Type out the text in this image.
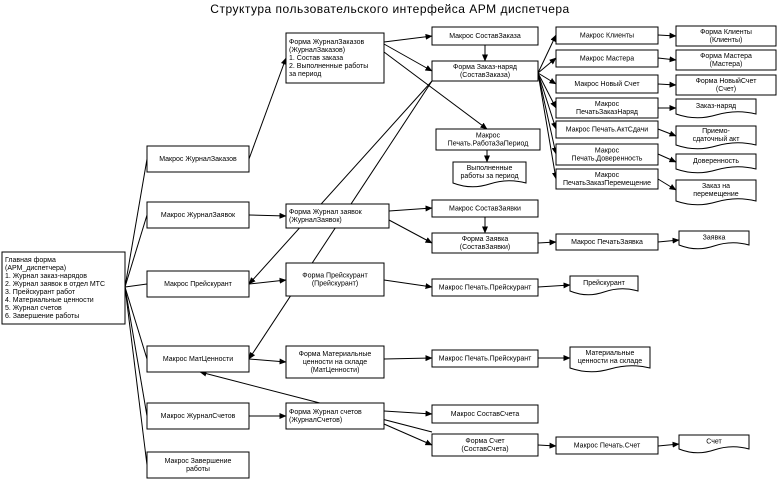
Структура пользовательского интерфейса АРМ диспетчера
Главная форма
(АРМ_диспетчера)
1. Журнал заказ-нарядов
2. Журнал заявок в отдел МТС
3. Прейскурант работ
4. Материальные ценности
5. Журнал счетов
6. Завершение работы
Макрос ЖурналЗаказов
Макрос ЖурналЗаявок
Макрос Прейскурант
Макрос МатЦенности
Макрос ЖурналСчетов
Макрос Завершение
работы
Форма ЖурналЗаказов
(ЖурналЗаказов)
1. Состав заказа
2. Выполненные работы
за период
Макрос СоставЗаказа
Форма Заказ-наряд
(СоставЗаказа)
Макрос
Печать.РаботаЗаПериод
Выполненные
работы за период
Макрос Клиенты	Форма Клиенты
(Клиенты)
Макрос Мастера	Форма Мастера
(Мастера)
Макрос Новый Счет	Форма НовыйСчет
(Счет)
Макрос
ПечатьЗаказНаряд
Заказ-наряд
Макрос Печать.АктСдачи	Приемо-
сдаточный акт
Макрос
Печать.Доверенность	Доверенность
Макрос
ПечатьЗаказПеремещение	Заказ на
перемещение
Форма Журнал заявок
(ЖурналЗаявок)
Макрос СоставЗаявки
Форма Заявка
(СоставЗаявки)
Макрос ПечатьЗаявка
Заявка
Форма Прейскурант
(Прейскурант)
Макрос Печать.Прейскурант
Прейскурант
Форма Материальные
ценности на складе
(МатЦенности)
Макрос Печать.Прейскурант
Материальные
ценности на складе
Форма Журнал счетов
(ЖурналСчетов)
Макрос СоставСчета
Форма Счет
(СоставСчета)	Макрос Печать.Счет
Счет
